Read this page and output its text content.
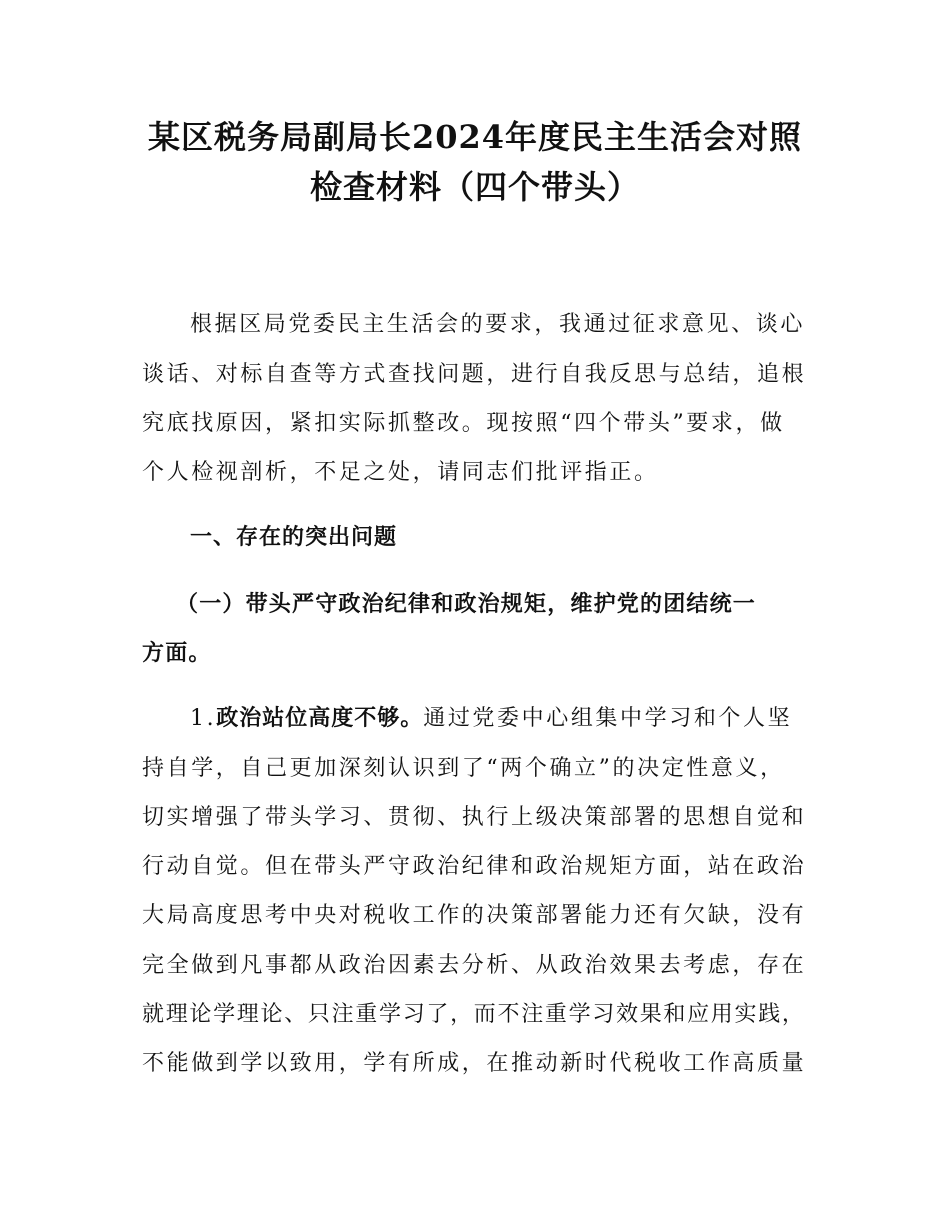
某区税务局副局长2024年度民主生活会对照
检查材料（四个带头）

根据区局党委民主生活会的要求，我通过征求意见、谈心

谈话、对标自查等方式查找问题，进行自我反思与总结，追根

究底找原因，紧扣实际抓整改。现按照“四个带头”要求，做

个人检视剖析，不足之处，请同志们批评指正。

一、存在的突出问题

（一）带头严守政治纪律和政治规矩，维护党的团结统一

方面。

1.政治站位高度不够。通过党委中心组集中学习和个人坚

持自学，自己更加深刻认识到了“两个确立”的决定性意义，

切实增强了带头学习、贯彻、执行上级决策部署的思想自觉和

行动自觉。但在带头严守政治纪律和政治规矩方面，站在政治

大局高度思考中央对税收工作的决策部署能力还有欠缺，没有

完全做到凡事都从政治因素去分析、从政治效果去考虑，存在

就理论学理论、只注重学习了，而不注重学习效果和应用实践，

不能做到学以致用，学有所成，在推动新时代税收工作高质量
